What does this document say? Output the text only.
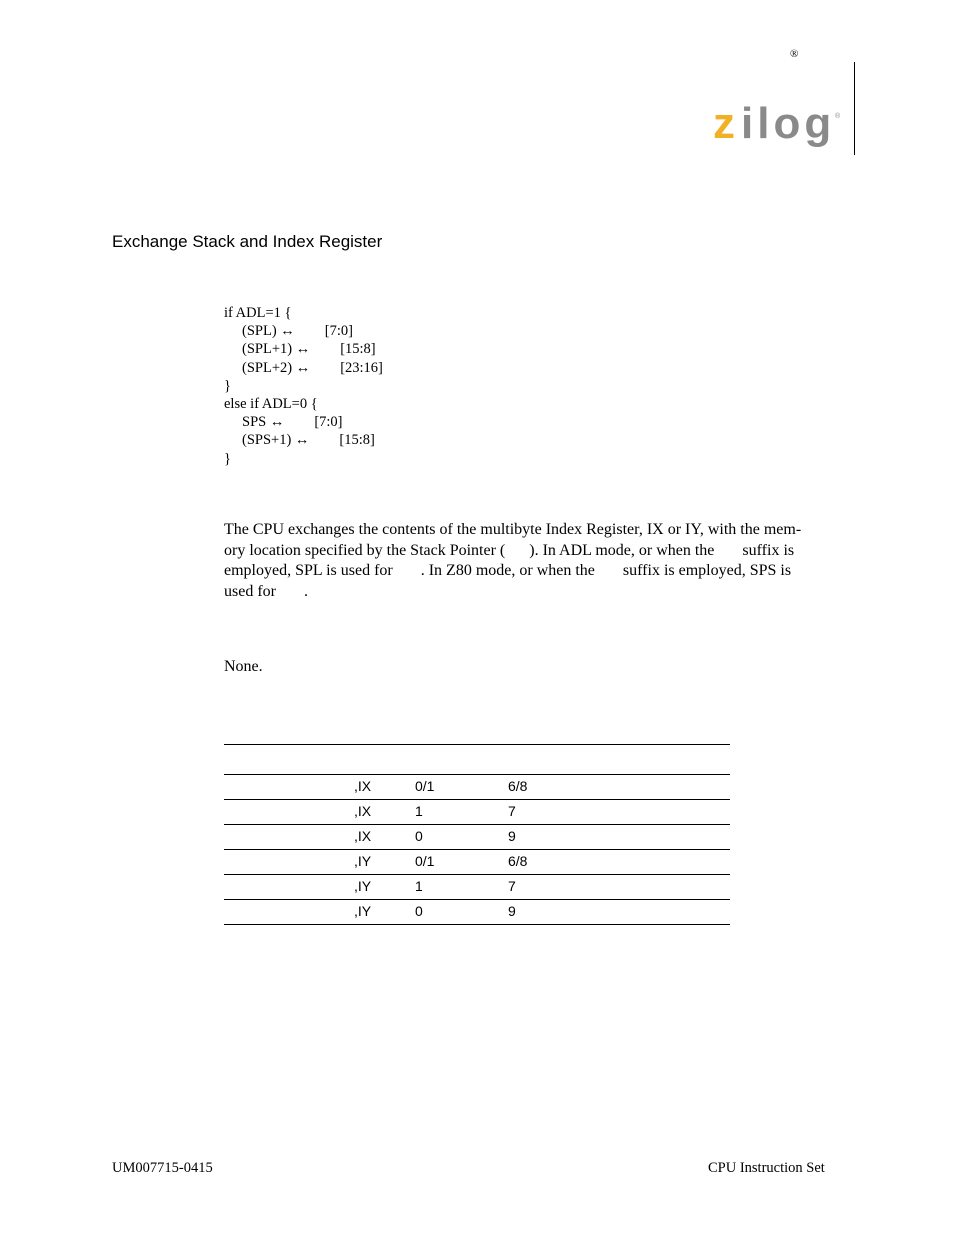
®
z ilog ®
Exchange Stack and Index Register
if ADL=1 {
(SPL) ↔ [7:0]
(SPL+1) ↔ [15:8]
(SPL+2) ↔ [23:16]
}
else if ADL=0 {
SPS ↔ [7:0]
(SPS+1) ↔ [15:8]
}
The CPU exchanges the contents of the multibyte Index Register, IX or IY, with the mem-
ory location specified by the Stack Pointer (      ). In ADL mode, or when the       suffix is
employed, SPL is used for       . In Z80 mode, or when the       suffix is employed, SPS is
used for       .
None.
,IX	0/1	6/8
,IX	1	7
,IX	0	9
,IY	0/1	6/8
,IY	1	7
,IY	0	9
UM007715-0415	CPU Instruction Set
